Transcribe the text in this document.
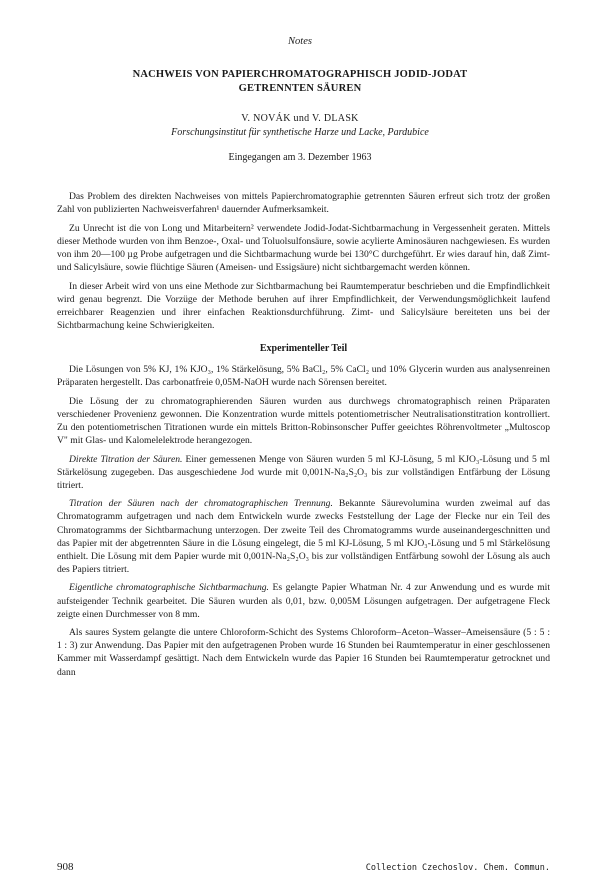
Notes
NACHWEIS VON PAPIERCHROMATOGRAPHISCH JODID-JODAT
GETRENNTEN SÄUREN
V. NOVÁK und V. DLASK
Forschungsinstitut für synthetische Harze und Lacke, Pardubice
Eingegangen am 3. Dezember 1963

Das Problem des direkten Nachweises von mittels Papierchromatographie getrennten Säuren erfreut sich trotz der großen Zahl von publizierten Nachweisverfahren¹ dauernder Aufmerksamkeit.

Zu Unrecht ist die von Long und Mitarbeitern² verwendete Jodid-Jodat-Sichtbarmachung in Vergessenheit geraten. Mittels dieser Methode wurden von ihm Benzoe-, Oxal- und Toluolsulfonsäure, sowie acylierte Aminosäuren nachgewiesen. Es wurden von ihm 20—100 µg Probe aufgetragen und die Sichtbarmachung wurde bei 130°C durchgeführt. Er wies darauf hin, daß Zimt- und Salicylsäure, sowie flüchtige Säuren (Ameisen- und Essigsäure) nicht sichtbargemacht werden können.

In dieser Arbeit wird von uns eine Methode zur Sichtbarmachung bei Raumtemperatur beschrieben und die Empfindlichkeit wird genau begrenzt. Die Vorzüge der Methode beruhen auf ihrer Empfindlichkeit, der Verwendungsmöglichkeit laufend erreichbarer Reagenzien und ihrer einfachen Reaktionsdurchführung. Zimt- und Salicylsäure bereiteten uns bei der Sichtbarmachung keine Schwierigkeiten.

Experimenteller Teil

Die Lösungen von 5% KJ, 1% KJO₃, 1% Stärkelösung, 5% BaCl₂, 5% CaCl₂ und 10% Glycerin wurden aus analysenreinen Präparaten hergestellt. Das carbonatfreie 0,05M-NaOH wurde nach Sörensen bereitet.

Die Lösung der zu chromatographierenden Säuren wurden aus durchwegs chromatographisch reinen Präparaten verschiedener Provenienz gewonnen. Die Konzentration wurde mittels potentiometrischer Neutralisationstitration kontrolliert. Zu den potentiometrischen Titrationen wurde ein mittels Britton-Robinsonscher Puffer geeichtes Röhrenvoltmeter „Multoscop V" mit Glas- und Kalomelelektrode herangezogen.

Direkte Titration der Säuren. Einer gemessenen Menge von Säuren wurden 5 ml KJ-Lösung, 5 ml KJO₃-Lösung und 5 ml Stärkelösung zugegeben. Das ausgeschiedene Jod wurde mit 0,001N-Na₂S₂O₃ bis zur vollständigen Entfärbung der Lösung titriert.

Titration der Säuren nach der chromatographischen Trennung. Bekannte Säurevolumina wurden zweimal auf das Chromatogramm aufgetragen und nach dem Entwickeln wurde zwecks Feststellung der Lage der Flecke nur ein Teil des Chromatogramms der Sichtbarmachung unterzogen. Der zweite Teil des Chromatogramms wurde auseinandergeschnitten und das Papier mit der abgetrennten Säure in die Lösung eingelegt, die 5 ml KJ-Lösung, 5 ml KJO₃-Lösung und 5 ml Stärkelösung enthielt. Die Lösung mit dem Papier wurde mit 0,001N-Na₂S₂O₃ bis zur vollständigen Entfärbung sowohl der Lösung als auch des Papiers titriert.

Eigentliche chromatographische Sichtbarmachung. Es gelangte Papier Whatman Nr. 4 zur Anwendung und es wurde mit aufsteigender Technik gearbeitet. Die Säuren wurden als 0,01, bzw. 0,005M Lösungen aufgetragen. Der aufgetragene Fleck zeigte einen Durchmesser von 8 mm.

Als saures System gelangte die untere Chloroform-Schicht des Systems Chloroform–Aceton–Wasser–Ameisensäure (5 : 5 : 1 : 3) zur Anwendung. Das Papier mit den aufgetragenen Proben wurde 16 Stunden bei Raumtemperatur in einer geschlossenen Kammer mit Wasserdampf gesättigt. Nach dem Entwickeln wurde das Papier 16 Stunden bei Raumtemperatur getrocknet und dann

908	Collection Czechoslov. Chem. Commun.
